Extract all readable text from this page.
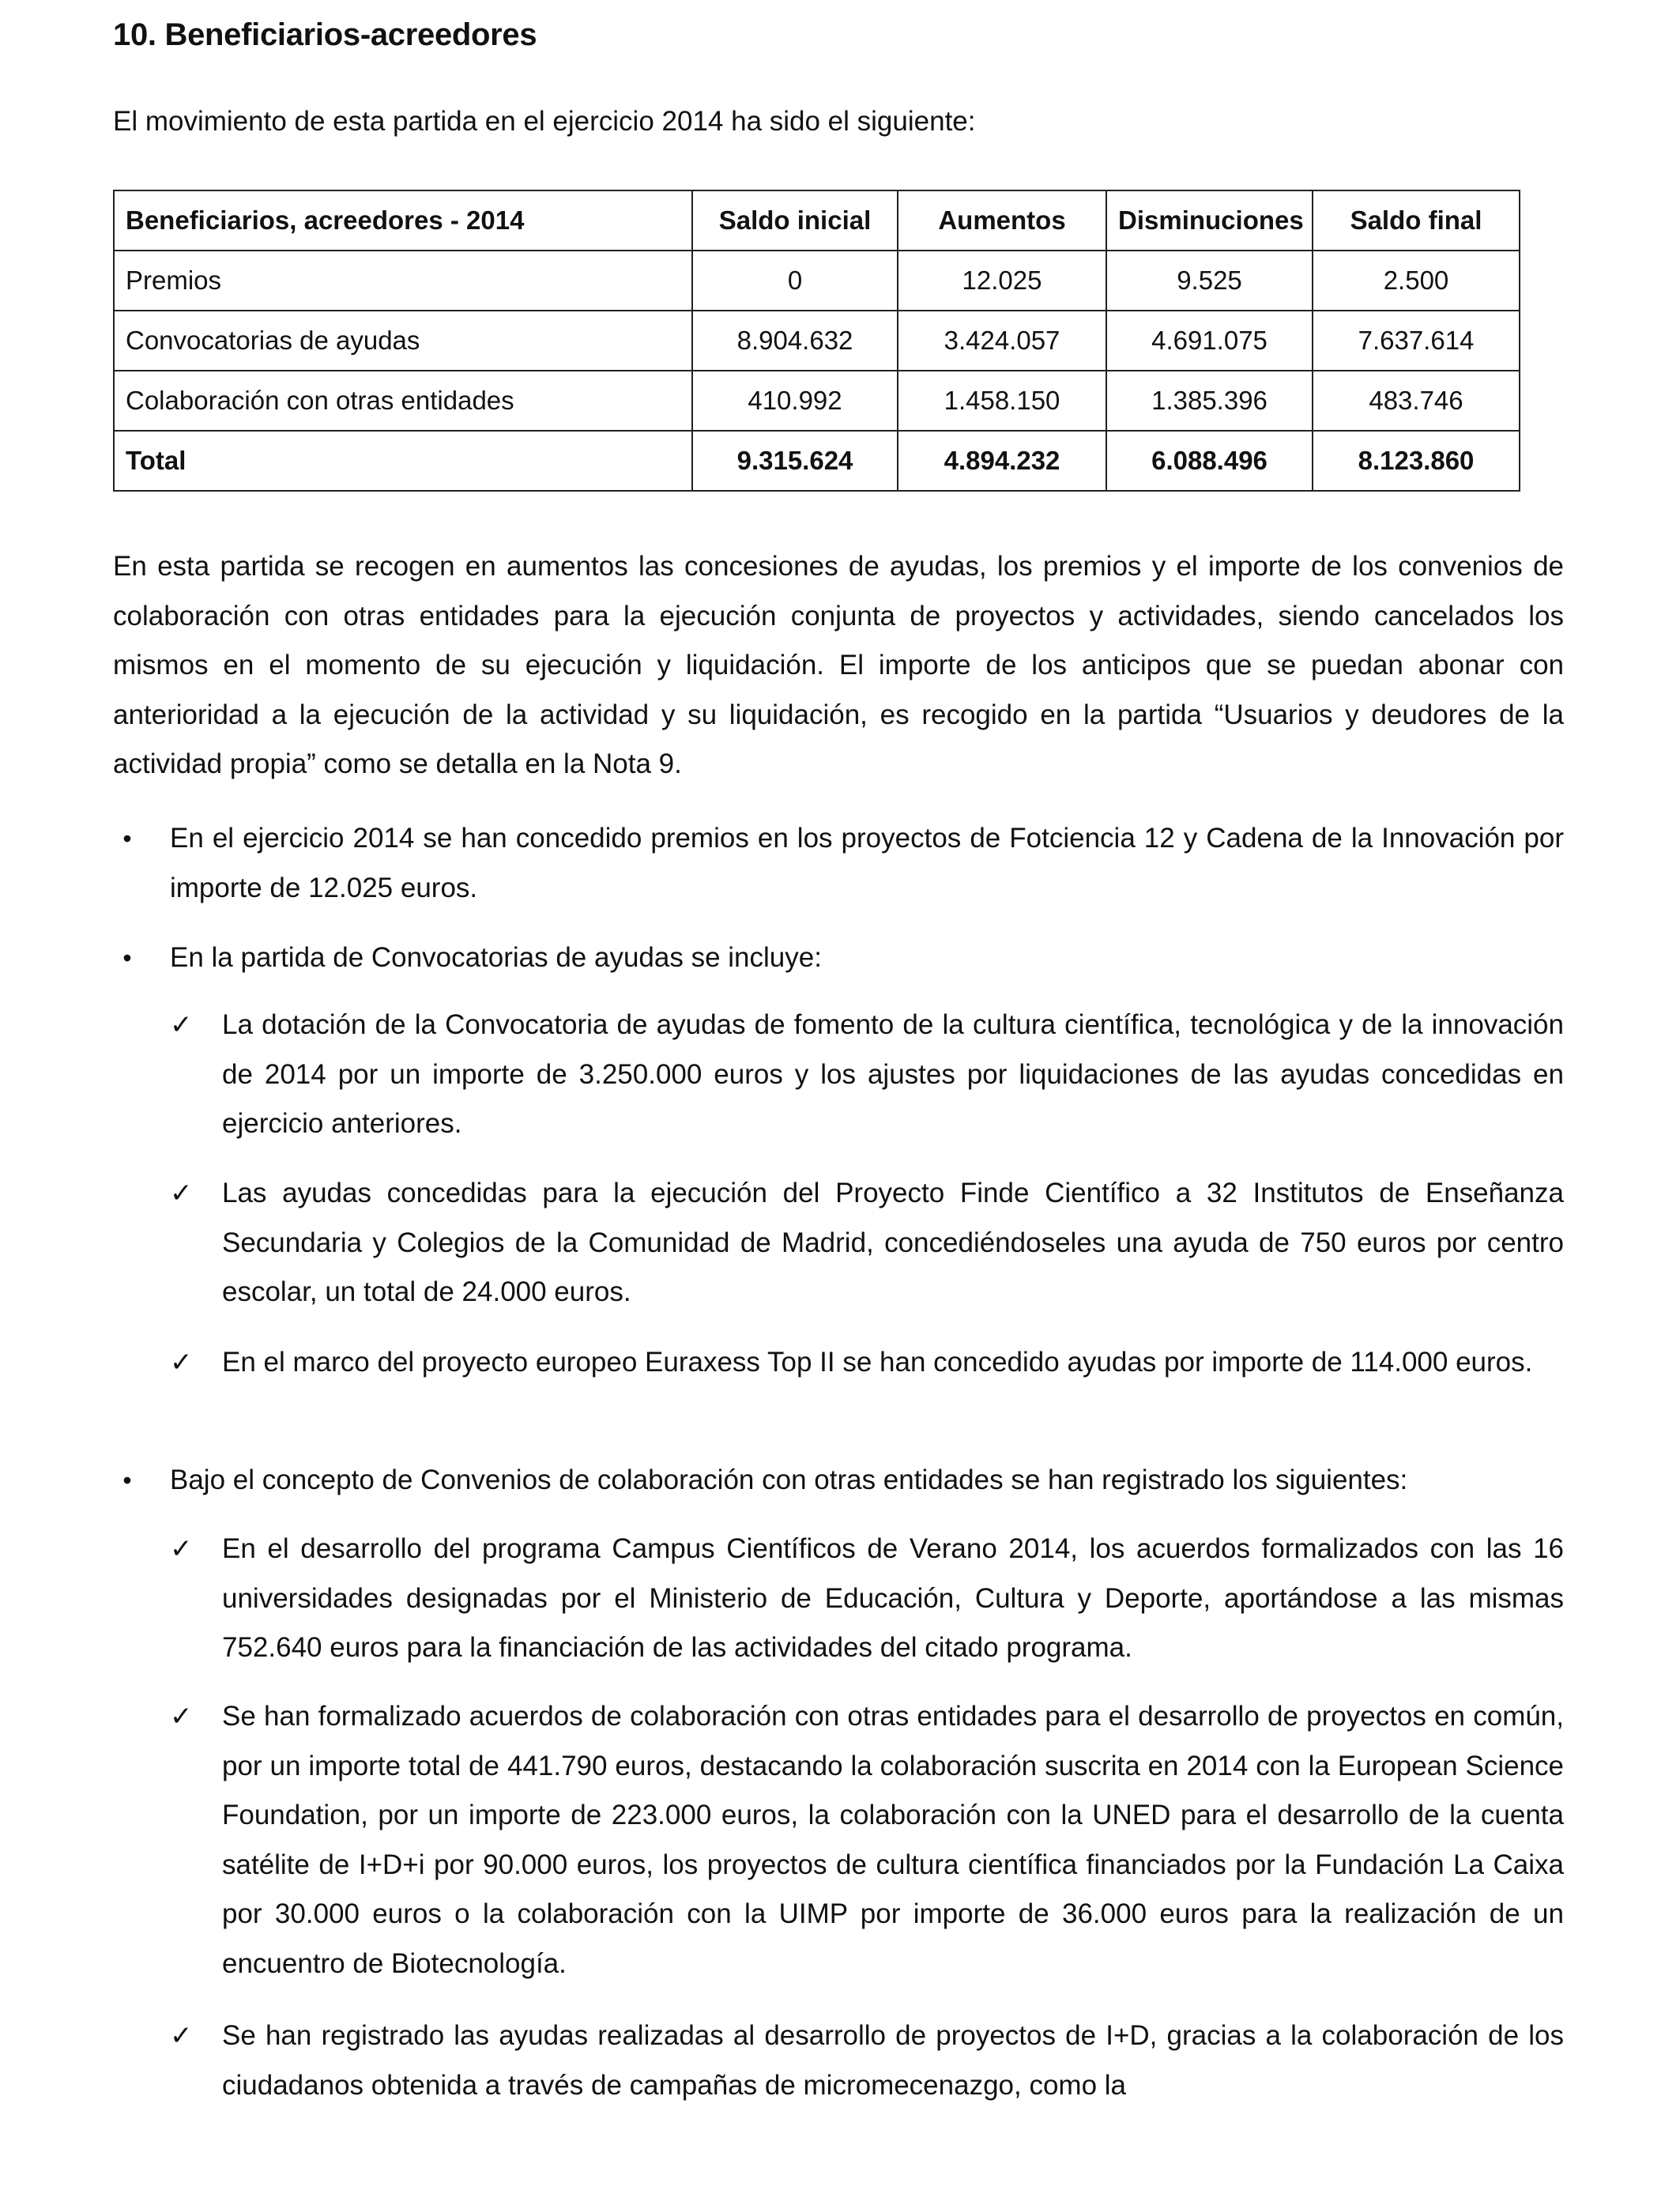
10. Beneficiarios-acreedores
El movimiento de esta partida en el ejercicio 2014 ha sido el siguiente:
Beneficiarios, acreedores - 2014	Saldo inicial	Aumentos	Disminuciones	Saldo final
Premios	0	12.025	9.525	2.500
Convocatorias de ayudas	8.904.632	3.424.057	4.691.075	7.637.614
Colaboración con otras entidades	410.992	1.458.150	1.385.396	483.746
Total	9.315.624	4.894.232	6.088.496	8.123.860
En esta partida se recogen en aumentos las concesiones de ayudas, los premios y el importe de los convenios de colaboración con otras entidades para la ejecución conjunta de proyectos y actividades, siendo cancelados los mismos en el momento de su ejecución y liquidación. El importe de los anticipos que se puedan abonar con anterioridad a la ejecución de la actividad y su liquidación, es recogido en la partida “Usuarios y deudores de la actividad propia” como se detalla en la Nota 9.
• En el ejercicio 2014 se han concedido premios en los proyectos de Fotciencia 12 y Cadena de la Innovación por importe de 12.025 euros.
• En la partida de Convocatorias de ayudas se incluye:
✓	La dotación de la Convocatoria de ayudas de fomento de la cultura científica, tecnológica y de la innovación de 2014 por un importe de 3.250.000 euros y los ajustes por liquidaciones de las ayudas concedidas en ejercicio anteriores.
✓	Las ayudas concedidas para la ejecución del Proyecto Finde Científico a 32 Institutos de Enseñanza Secundaria y Colegios de la Comunidad de Madrid, concediéndoseles una ayuda de 750 euros por centro escolar, un total de 24.000 euros.
✓	En el marco del proyecto europeo Euraxess Top II se han concedido ayudas por importe de 114.000 euros.
• Bajo el concepto de Convenios de colaboración con otras entidades se han registrado los siguientes:
✓	En el desarrollo del programa Campus Científicos de Verano 2014, los acuerdos formalizados con las 16 universidades designadas por el Ministerio de Educación, Cultura y Deporte, aportándose a las mismas 752.640 euros para la financiación de las actividades del citado programa.
✓	Se han formalizado acuerdos de colaboración con otras entidades para el desarrollo de proyectos en común, por un importe total de 441.790 euros, destacando la colaboración suscrita en 2014 con la European Science Foundation, por un importe de 223.000 euros, la colaboración con la UNED para el desarrollo de la cuenta satélite de I+D+i por 90.000 euros, los proyectos de cultura científica financiados por la Fundación La Caixa por 30.000 euros o la colaboración con la UIMP por importe de 36.000 euros para la realización de un encuentro de Biotecnología.
✓	Se han registrado las ayudas realizadas al desarrollo de proyectos de I+D, gracias a la colaboración de los ciudadanos obtenida a través de campañas de micromecenazgo, como la
